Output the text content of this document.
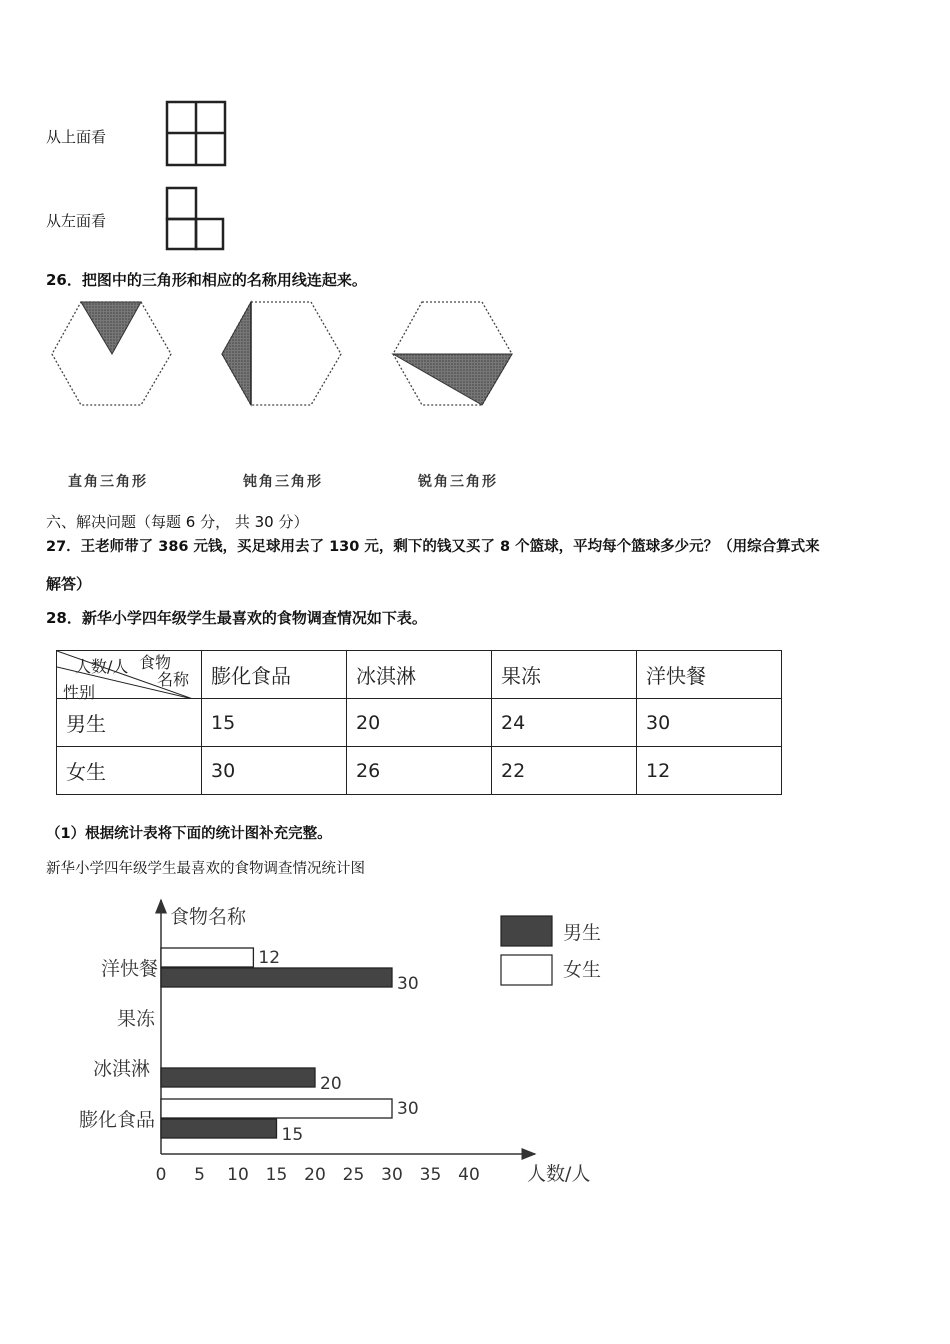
从上面看
从左面看
26．把图中的三角形和相应的名称用线连起来。
直角三角形	钝角三角形	锐角三角形
六、解决问题（每题 6 分， 共 30 分）
27．王老师带了 386 元钱，买足球用去了 130 元，剩下的钱又买了 8 个篮球，平均每个篮球多少元？（用综合算式来
解答）
28．新华小学四年级学生最喜欢的食物调查情况如下表。
食物
名称
人数/人
性别	膨化食品	冰淇淋	果冻	洋快餐
男生	15	20	24	30
女生	30	26	22	12
（1）根据统计表将下面的统计图补充完整。
新华小学四年级学生最喜欢的食物调查情况统计图
食物名称
人数/人
男生
女生
膨化食品
冰淇淋
果冻
洋快餐
0 5 10 15 20 25 30 35 40
15
20
30
30
12
